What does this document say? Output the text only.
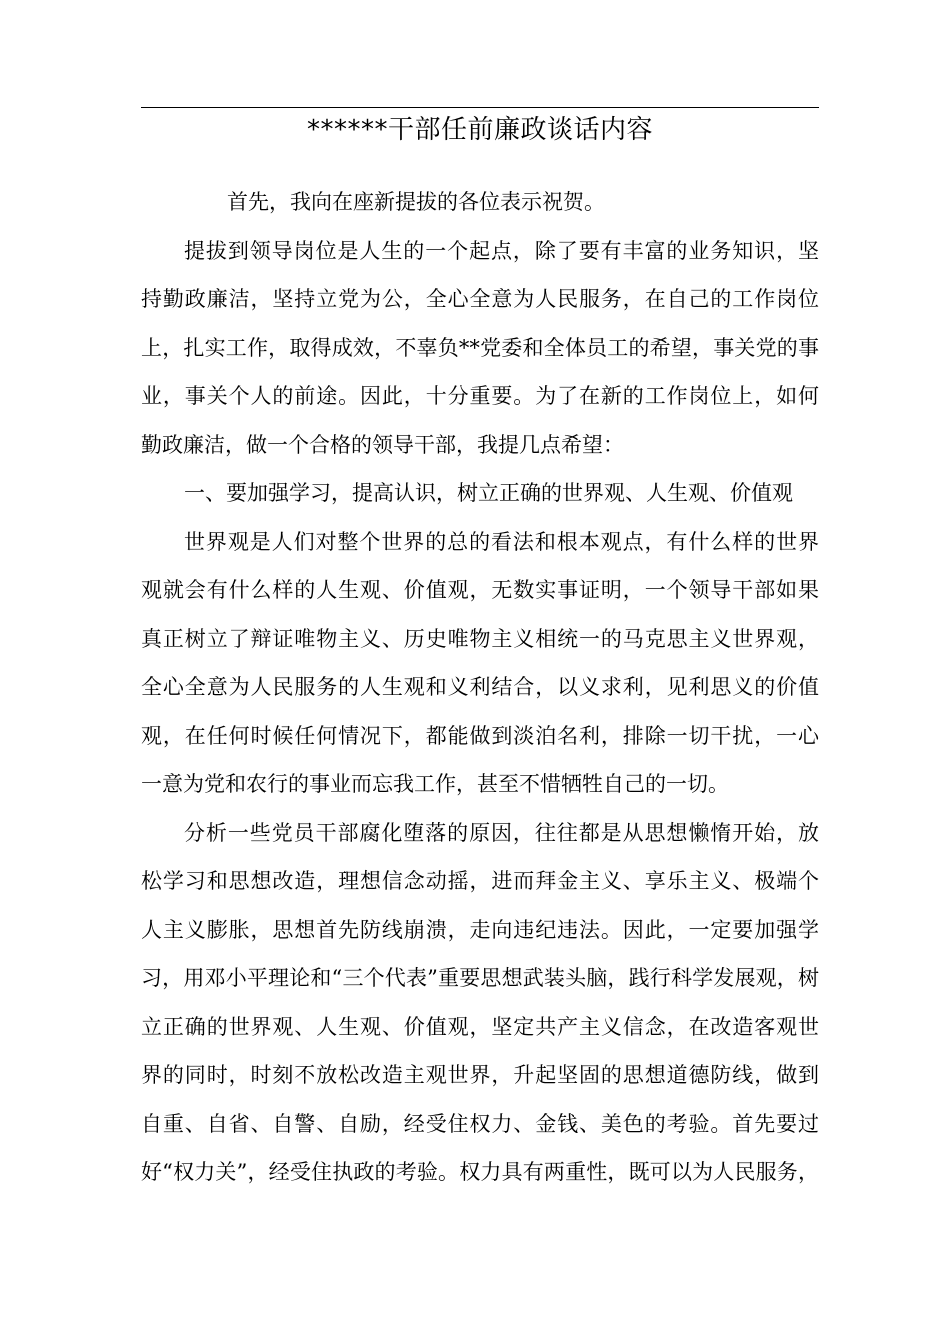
******干部任前廉政谈话内容
首先，我向在座新提拔的各位表示祝贺。
提拔到领导岗位是人生的一个起点，除了要有丰富的业务知识，坚
持勤政廉洁，坚持立党为公，全心全意为人民服务，在自己的工作岗位
上，扎实工作，取得成效，不辜负**党委和全体员工的希望，事关党的事
业，事关个人的前途。因此，十分重要。为了在新的工作岗位上，如何
勤政廉洁，做一个合格的领导干部，我提几点希望：
一、要加强学习，提高认识，树立正确的世界观、人生观、价值观
世界观是人们对整个世界的总的看法和根本观点，有什么样的世界
观就会有什么样的人生观、价值观，无数实事证明，一个领导干部如果
真正树立了辩证唯物主义、历史唯物主义相统一的马克思主义世界观，
全心全意为人民服务的人生观和义利结合，以义求利，见利思义的价值
观，在任何时候任何情况下，都能做到淡泊名利，排除一切干扰，一心
一意为党和农行的事业而忘我工作，甚至不惜牺牲自己的一切。
分析一些党员干部腐化堕落的原因，往往都是从思想懒惰开始，放
松学习和思想改造，理想信念动摇，进而拜金主义、享乐主义、极端个
人主义膨胀，思想首先防线崩溃，走向违纪违法。因此，一定要加强学
习，用邓小平理论和“三个代表”重要思想武装头脑，践行科学发展观，树
立正确的世界观、人生观、价值观，坚定共产主义信念，在改造客观世
界的同时，时刻不放松改造主观世界，升起坚固的思想道德防线，做到
自重、自省、自警、自励，经受住权力、金钱、美色的考验。首先要过
好“权力关”，经受住执政的考验。权力具有两重性，既可以为人民服务，
